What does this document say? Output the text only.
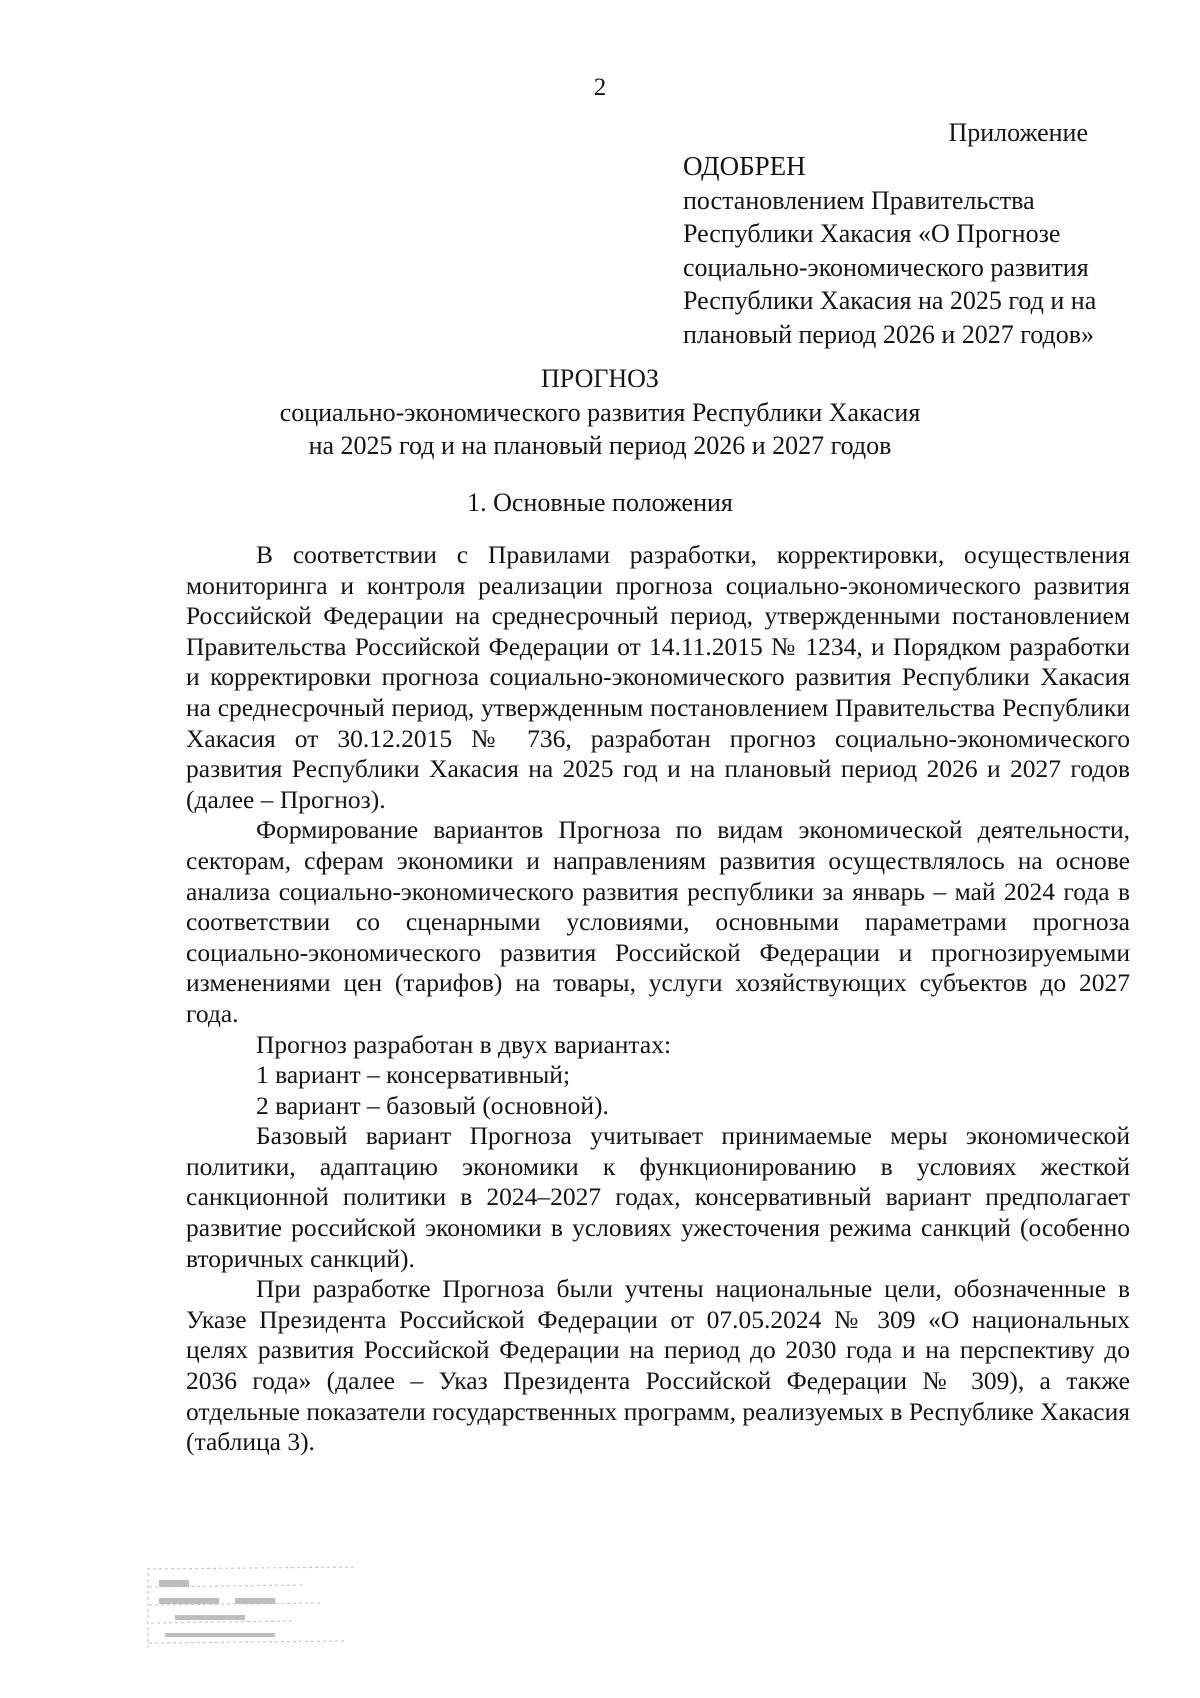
2
Приложение
ОДОБРЕН
постановлением Правительства
Республики Хакасия «О Прогнозе
социально-экономического развития
Республики Хакасия на 2025 год и на
плановый период 2026 и 2027 годов»
ПРОГНОЗ
социально-экономического развития Республики Хакасия
на 2025 год и на плановый период 2026 и 2027 годов
1. Основные положения

В соответствии с Правилами разработки, корректировки, осуществления мониторинга и контроля реализации прогноза социально-экономического развития Российской Федерации на среднесрочный период, утвержденными постановлением Правительства Российской Федерации от 14.11.2015 № 1234, и Порядком разработки и корректировки прогноза социально-экономического развития Республики Хакасия на среднесрочный период, утвержденным постановлением Правительства Республики Хакасия от 30.12.2015 № 736, разработан прогноз социально-экономического развития Республики Хакасия на 2025 год и на плановый период 2026 и 2027 годов (далее – Прогноз).

Формирование вариантов Прогноза по видам экономической деятельности, секторам, сферам экономики и направлениям развития осуществлялось на основе анализа социально-экономического развития республики за январь – май 2024 года в соответствии со сценарными условиями, основными параметрами прогноза социально-экономического развития Российской Федерации и прогнозируемыми изменениями цен (тарифов) на товары, услуги хозяйствующих субъектов до 2027 года.

Прогноз разработан в двух вариантах:

1 вариант – консервативный;

2 вариант – базовый (основной).

Базовый вариант Прогноза учитывает принимаемые меры экономической политики, адаптацию экономики к функционированию в условиях жесткой санкционной политики в 2024–2027 годах, консервативный вариант предполагает развитие российской экономики в условиях ужесточения режима санкций (особенно вторичных санкций).

При разработке Прогноза были учтены национальные цели, обозначенные в Указе Президента Российской Федерации от 07.05.2024 № 309 «О национальных целях развития Российской Федерации на период до 2030 года и на перспективу до 2036 года» (далее – Указ Президента Российской Федерации № 309), а также отдельные показатели государственных программ, реализуемых в Республике Хакасия (таблица 3).
